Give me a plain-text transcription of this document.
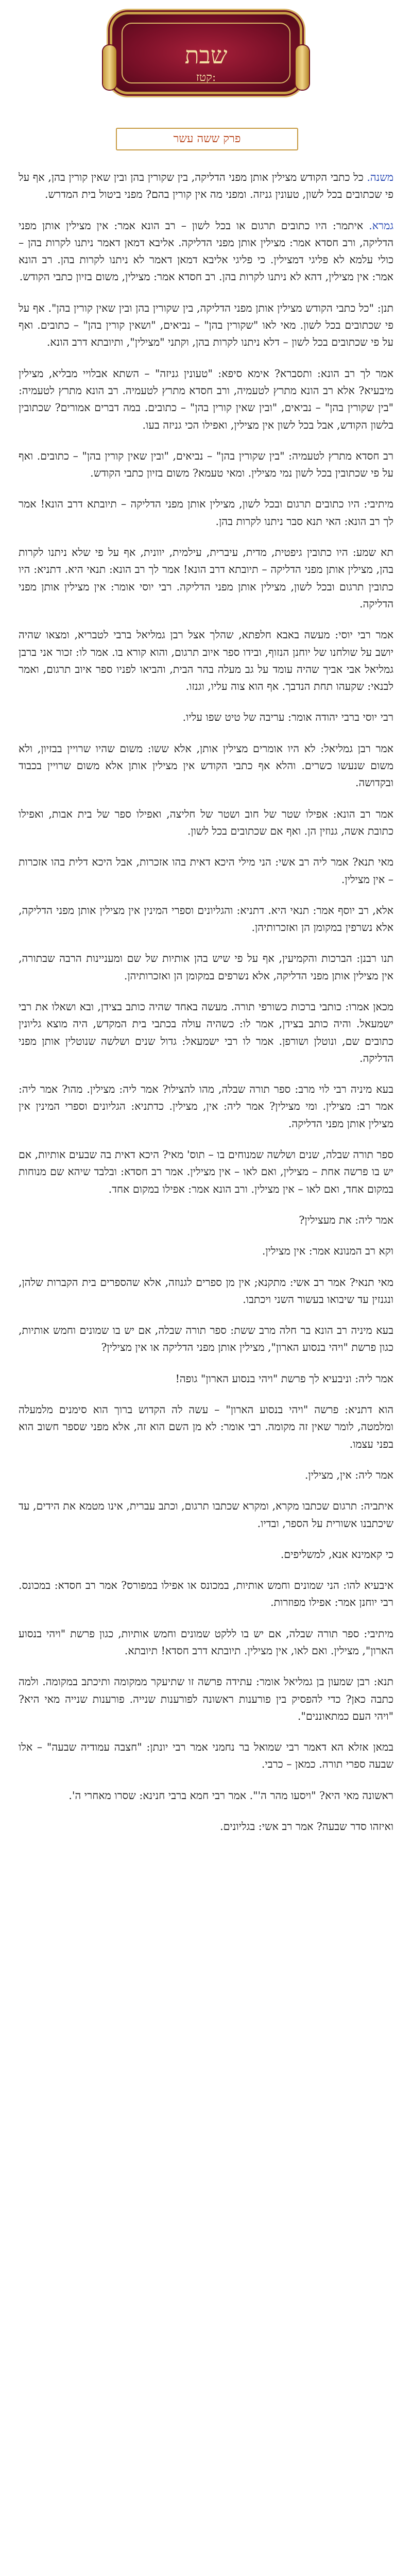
שבת
קטז:
פרק ששה עשר

משנה. כל כתבי הקודש מצילין אותן מפני הדליקה, בין שקורין בהן ובין שאין קורין בהן, אף על פי שכתובים בכל לשון, טעונין גניזה. ומפני מה אין קורין בהם? מפני ביטול בית המדרש.

גמרא. איתמר: היו כתובים תרגום או בכל לשון – רב הונא אמר: אין מצילין אותן מפני הדליקה, ורב חסדא אמר: מצילין אותן מפני הדליקה. אליבא דמאן דאמר ניתנו לקרות בהן – כולי עלמא לא פליגי דמצילין. כי פליגי אליבא דמאן דאמר לא ניתנו לקרות בהן. רב הונא אמר: אין מצילין, דהא לא ניתנו לקרות בהן. רב חסדא אמר: מצילין, משום בזיון כתבי הקודש.

תנן: "כל כתבי הקודש מצילין אותן מפני הדליקה, בין שקורין בהן ובין שאין קורין בהן". אף על פי שכתובים בכל לשון. מאי לאו "שקורין בהן" – נביאים, "ושאין קורין בהן" – כתובים. ואף על פי שכתובים בכל לשון – דלא ניתנו לקרות בהן, וקתני "מצילין", ותיובתא דרב הונא.

אמר לך רב הונא: ותסברא? אימא סיפא: "טעונין גניזה" – השתא אבלויי מבליא, מצילין מיבעיא? אלא רב הונא מתרץ לטעמיה, ורב חסדא מתרץ לטעמיה. רב הונא מתרץ לטעמיה: "בין שקורין בהן" – נביאים, "ובין שאין קורין בהן" – כתובים. במה דברים אמורים? שכתובין בלשון הקודש, אבל בכל לשון אין מצילין, ואפילו הכי גניזה בעו.

רב חסדא מתרץ לטעמיה: "בין שקורין בהן" – נביאים, "ובין שאין קורין בהן" – כתובים. ואף על פי שכתובין בכל לשון נמי מצילין. ומאי טעמא? משום בזיון כתבי הקודש.

מיתיבי: היו כתובים תרגום ובכל לשון, מצילין אותן מפני הדליקה – תיובתא דרב הונא! אמר לך רב הונא: האי תנא סבר ניתנו לקרות בהן.

תא שמע: היו כתובין גיפטית, מדית, עיברית, עילמית, יוונית, אף על פי שלא ניתנו לקרות בהן, מצילין אותן מפני הדליקה – תיובתא דרב הונא! אמר לך רב הונא: תנאי היא. דתניא: היו כתובין תרגום ובכל לשון, מצילין אותן מפני הדליקה. רבי יוסי אומר: אין מצילין אותן מפני הדליקה.

אמר רבי יוסי: מעשה באבא חלפתא, שהלך אצל רבן גמליאל ברבי לטבריא, ומצאו שהיה יושב על שולחנו של יוחנן הנזוף, ובידו ספר איוב תרגום, והוא קורא בו. אמר לו: זכור אני ברבן גמליאל אבי אביך שהיה עומד על גב מעלה בהר הבית, והביאו לפניו ספר איוב תרגום, ואמר לבנאי: שקעהו תחת הנדבך. אף הוא צוה עליו, וגנזו.

רבי יוסי ברבי יהודה אומר: עריבה של טיט שפו עליו.

אמר רבן גמליאל: לא היו אומרים מצילין אותן, אלא ששו: משום שהיו שרויין בבזיון, ולא משום שנעשו כשרים. והלא אף כתבי הקודש אין מצילין אותן אלא משום שרויין בכבוד ובקדושה.

אמר רב הונא: אפילו שטר של חוב ושטר של חליצה, ואפילו ספר של בית אבות, ואפילו כתובת אשה, גנוזין הן. ואף אם שכתובים בכל לשון.

מאי תנא? אמר ליה רב אשי: הני מילי היכא דאית בהו אזכרות, אבל היכא דלית בהו אזכרות – אין מצילין.

אלא, רב יוסף אמר: תנאי היא. דתניא: והגליונים וספרי המינין אין מצילין אותן מפני הדליקה, אלא נשרפין במקומן הן ואזכרותיהן.

תנו רבנן: הברכות והקמיעין, אף על פי שיש בהן אותיות של שם ומעניינות הרבה שבתורה, אין מצילין אותן מפני הדליקה, אלא נשרפים במקומן הן ואזכרותיהן.

מכאן אמרו: כותבי ברכות כשורפי תורה. מעשה באחד שהיה כותב בצידן, ובא ושאלו את רבי ישמעאל. והיה כותב בצידן, אמר לו: כשהיה עולה בכתבי בית המקדש, היה מוצא גליונין כתובים שם, ונוטלן ושורפן. אמר לו רבי ישמעאל: גדול שנים ושלשה שנוטלין אותן מפני הדליקה.

בעא מיניה רבי לוי מרב: ספר תורה שבלה, מהו להצילו? אמר ליה: מצילין. מהו? אמר ליה: אמר רב: מצילין. ומי מצילין? אמר ליה: אין, מצילין. כדתניא: הגליונים וספרי המינין אין מצילין אותן מפני הדליקה.

ספר תורה שבלה, שנים ושלשה שמנוחים בו – תוס' מאי? היכא דאית בה שבעים אותיות, אם יש בו פרשה אחת – מצילין, ואם לאו – אין מצילין. אמר רב חסדא: ובלבד שיהא שם מנוחות במקום אחד, ואם לאו – אין מצילין. ורב הונא אמר: אפילו במקום אחד.

אמר ליה: את מעצילין?

וקא רב המנונא אמר: אין מצילין.

מאי תנאי? אמר רב אשי: מתקנא; אין מן ספרים לגנוזה, אלא שהספרים בית הקברות שלהן, ונגנזין עד שיבואו בעשור השני ויכתבו.

בעא מיניה רב הונא בר חלה מרב ששת: ספר תורה שבלה, אם יש בו שמונים וחמש אותיות, כגון פרשת "ויהי בנסוע הארון", מצילין אותן מפני הדליקה או אין מצילין?

אמר ליה: וניבעיא לך פרשת "ויהי בנסוע הארון" גופה!

הוא דתניא: פרשה "ויהי בנסוע הארון" – עשה לה הקדוש ברוך הוא סימנים מלמעלה ומלמטה, לומר שאין זה מקומה. רבי אומר: לא מן השם הוא זה, אלא מפני שספר חשוב הוא בפני עצמו.

אמר ליה: אין, מצילין.

איתביה: תרגום שכתבו מקרא, ומקרא שכתבו תרגום, וכתב עברית, אינו מטמא את הידים, עד שיכתבנו אשורית על הספר, ובדיו.

כי קאמינא אנא, למשליפים.

איבעיא להו: הני שמונים וחמש אותיות, במכונס או אפילו במפורס? אמר רב חסדא: במכונס. רבי יוחנן אמר: אפילו מפוזרות.

מיתיבי: ספר תורה שבלה, אם יש בו ללקט שמונים וחמש אותיות, כגון פרשת "ויהי בנסוע הארון", מצילין. ואם לאו, אין מצילין. תיובתא דרב חסדא! תיובתא.

תנא: רבן שמעון בן גמליאל אומר: עתידה פרשה זו שתיעקר ממקומה ותיכתב במקומה. ולמה כתבה כאן? כדי להפסיק בין פורענות ראשונה לפורענות שנייה. פורענות שנייה מאי היא? "ויהי העם כמתאוננים".

במאן אזלא הא דאמר רבי שמואל בר נחמני אמר רבי יונתן: "חצבה עמודיה שבעה" – אלו שבעה ספרי תורה. כמאן – כרבי.

ראשונה מאי היא? "ויסעו מהר ה'". אמר רבי חמא ברבי חנינא: שסרו מאחרי ה'.

ואיזהו סדר שבעה? אמר רב אשי: בגליונים.
